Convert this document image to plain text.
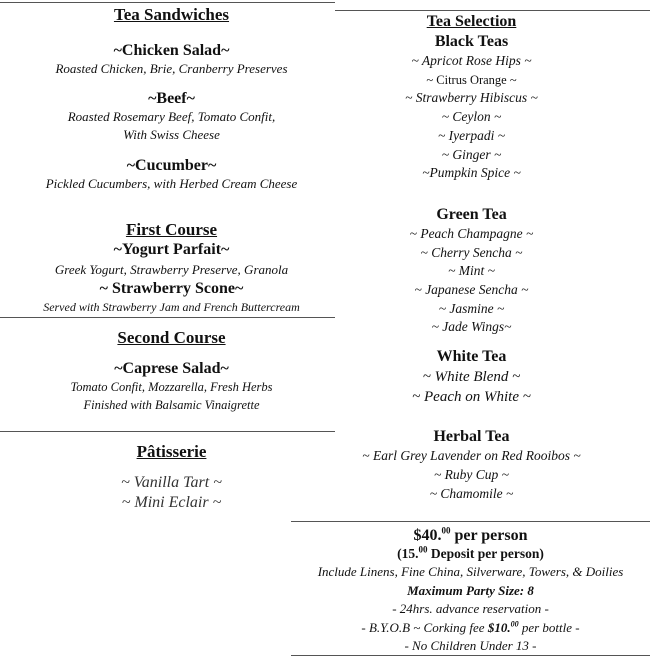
Tea Sandwiches
~Chicken Salad~
Roasted Chicken, Brie, Cranberry Preserves
~Beef~
Roasted Rosemary Beef, Tomato Confit,
With Swiss Cheese
~Cucumber~
Pickled Cucumbers, with Herbed Cream Cheese
First Course
~Yogurt Parfait~
Greek Yogurt, Strawberry Preserve, Granola
~ Strawberry Scone~
Served with Strawberry Jam and French Buttercream
Second Course
~Caprese Salad~
Tomato Confit, Mozzarella, Fresh Herbs
Finished with Balsamic Vinaigrette
Pâtisserie
~ Vanilla Tart ~
~ Mini Eclair ~
Tea Selection
Black Teas
~ Apricot Rose Hips ~
~ Citrus Orange ~
~ Strawberry Hibiscus ~
~ Ceylon ~
~ Iyerpadi ~
~ Ginger ~
~Pumpkin Spice ~
Green Tea
~ Peach Champagne ~
~ Cherry Sencha ~
~ Mint ~
~ Japanese Sencha ~
~ Jasmine ~
~ Jade Wings~
White Tea
~ White Blend ~
~ Peach on White ~
Herbal Tea
~ Earl Grey Lavender on Red Rooibos ~
~ Ruby Cup ~
~ Chamomile ~
$40.00 per person
(15.00 Deposit per person)
Include Linens, Fine China, Silverware, Towers, & Doilies
Maximum Party Size: 8
- 24hrs. advance reservation -
- B.Y.O.B ~ Corking fee $10.00 per bottle -
- No Children Under 13 -
